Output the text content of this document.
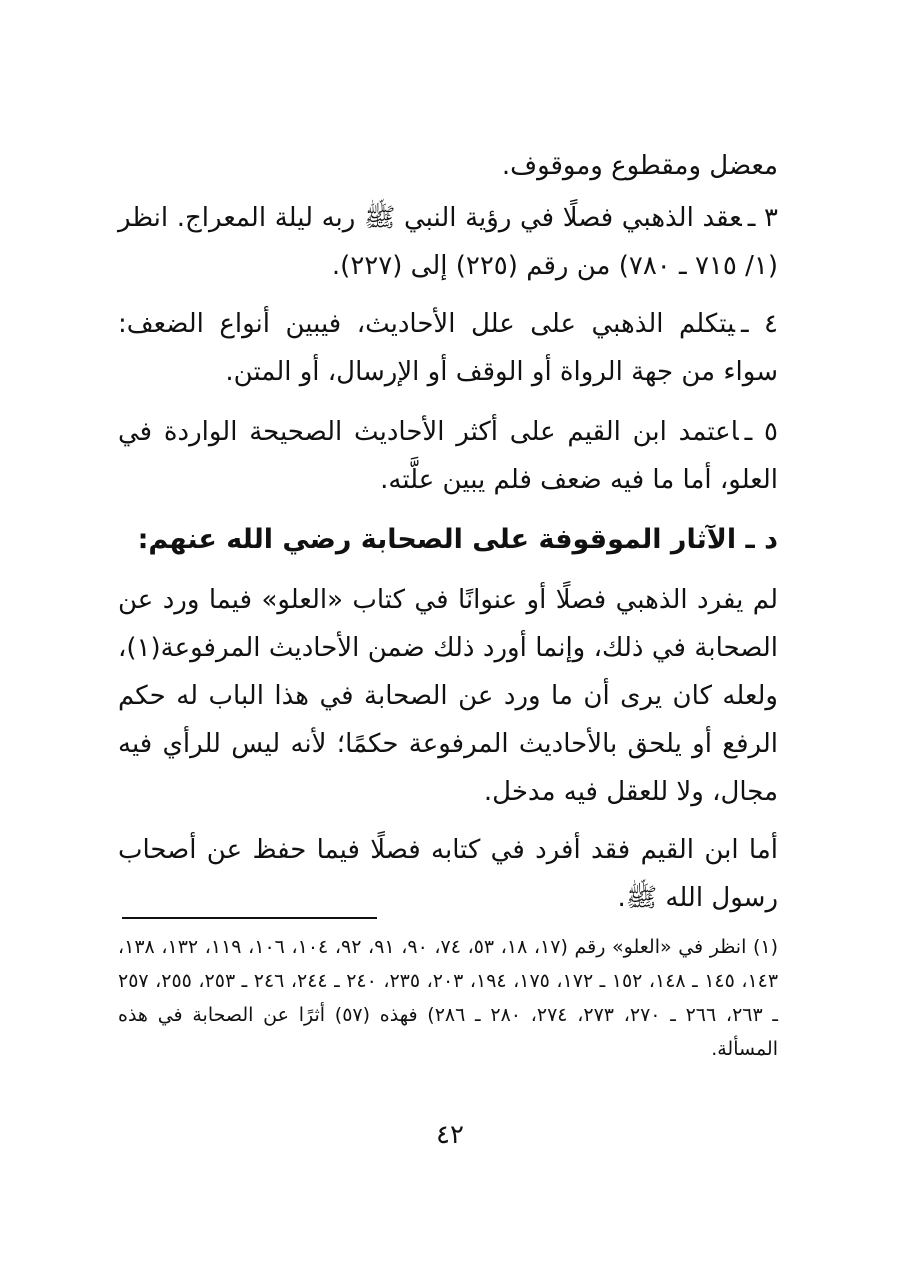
معضل ومقطوع وموقوف.

٣ ـعقد الذهبي فصلًا في رؤية النبي ﷺ ربه ليلة المعراج. انظر (١/ ٧١٥ ـ ٧٨٠) من رقم (٢٢٥) إلى (٢٢٧).

٤ ـيتكلم الذهبي على علل الأحاديث، فيبين أنواع الضعف: سواء من جهة الرواة أو الوقف أو الإرسال، أو المتن.

٥ ـاعتمد ابن القيم على أكثر الأحاديث الصحيحة الواردة في العلو، أما ما فيه ضعف فلم يبين علَّته.

د ـ الآثار الموقوفة على الصحابة رضي الله عنهم:

لم يفرد الذهبي فصلًا أو عنوانًا في كتاب «العلو» فيما ورد عن الصحابة في ذلك، وإنما أورد ذلك ضمن الأحاديث المرفوعة(١)، ولعله كان يرى أن ما ورد عن الصحابة في هذا الباب له حكم الرفع أو يلحق بالأحاديث المرفوعة حكمًا؛ لأنه ليس للرأي فيه مجال، ولا للعقل فيه مدخل.

أما ابن القيم فقد أفرد في كتابه فصلًا فيما حفظ عن أصحاب رسول الله ﷺ.

(١) انظر في «العلو» رقم (١٧، ١٨، ٥٣، ٧٤، ٩٠، ٩١، ٩٢، ١٠٤، ١٠٦، ١١٩، ١٣٢، ١٣٨، ١٤٣، ١٤٥ ـ ١٤٨، ١٥٢ ـ ١٧٢، ١٧٥، ١٩٤، ٢٠٣، ٢٣٥، ٢٤٠ ـ ٢٤٤، ٢٤٦ ـ ٢٥٣، ٢٥٥، ٢٥٧ ـ ٢٦٣، ٢٦٦ ـ ٢٧٠، ٢٧٣، ٢٧٤، ٢٨٠ ـ ٢٨٦) فهذه (٥٧) أثرًا عن الصحابة في هذه المسألة.

٤٢
